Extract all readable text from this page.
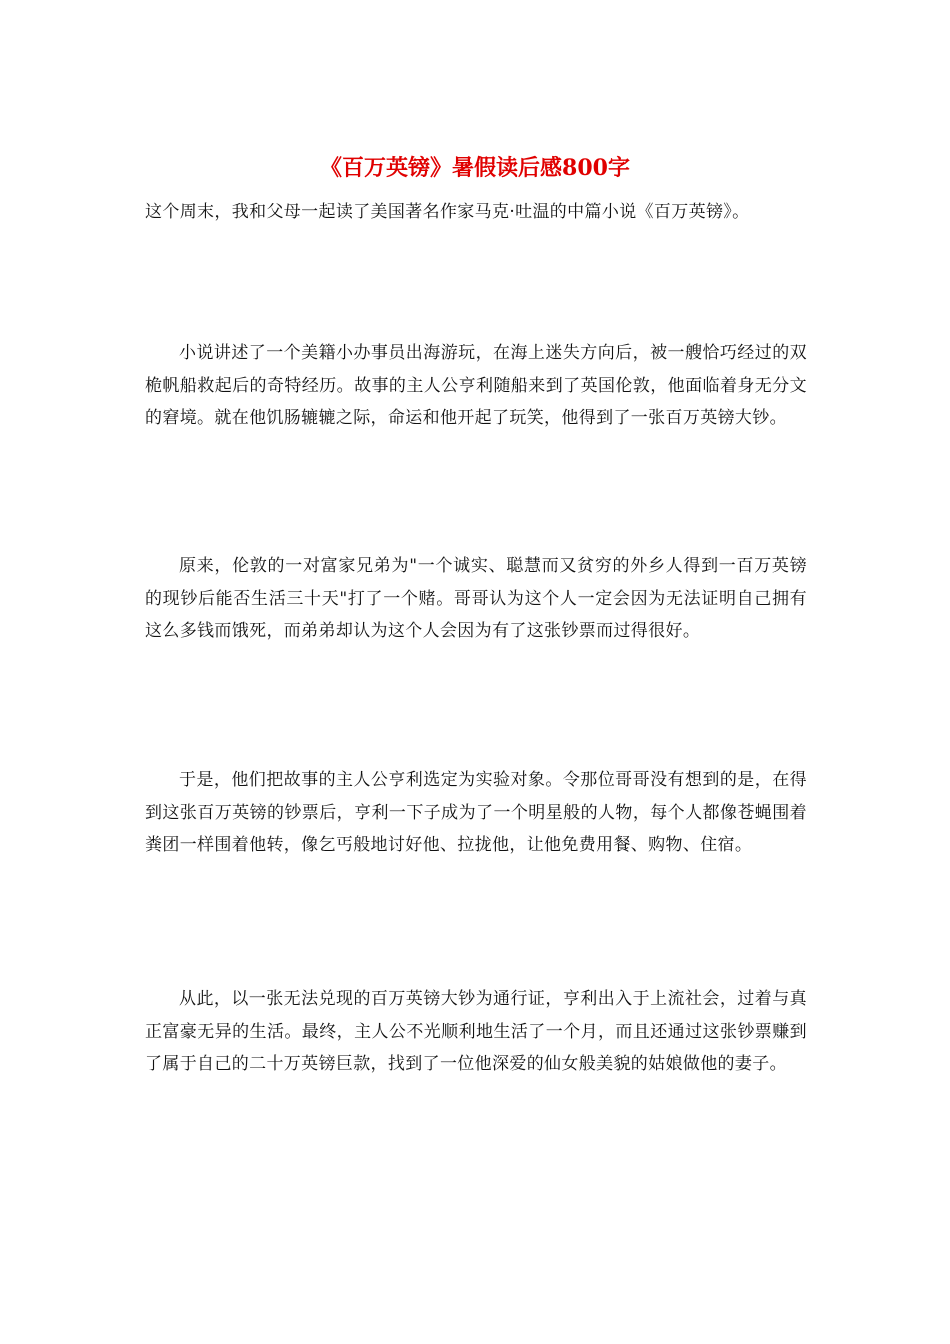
《百万英镑》暑假读后感800字

这个周末，我和父母一起读了美国著名作家马克·吐温的中篇小说《百万英镑》。

小说讲述了一个美籍小办事员出海游玩，在海上迷失方向后，被一艘恰巧经过的双桅帆船救起后的奇特经历。故事的主人公亨利随船来到了英国伦敦，他面临着身无分文的窘境。就在他饥肠辘辘之际，命运和他开起了玩笑，他得到了一张百万英镑大钞。

原来，伦敦的一对富家兄弟为"一个诚实、聪慧而又贫穷的外乡人得到一百万英镑的现钞后能否生活三十天"打了一个赌。哥哥认为这个人一定会因为无法证明自己拥有这么多钱而饿死，而弟弟却认为这个人会因为有了这张钞票而过得很好。

于是，他们把故事的主人公亨利选定为实验对象。令那位哥哥没有想到的是，在得到这张百万英镑的钞票后，亨利一下子成为了一个明星般的人物，每个人都像苍蝇围着粪团一样围着他转，像乞丐般地讨好他、拉拢他，让他免费用餐、购物、住宿。

从此，以一张无法兑现的百万英镑大钞为通行证，亨利出入于上流社会，过着与真正富豪无异的生活。最终，主人公不光顺利地生活了一个月，而且还通过这张钞票赚到了属于自己的二十万英镑巨款，找到了一位他深爱的仙女般美貌的姑娘做他的妻子。
